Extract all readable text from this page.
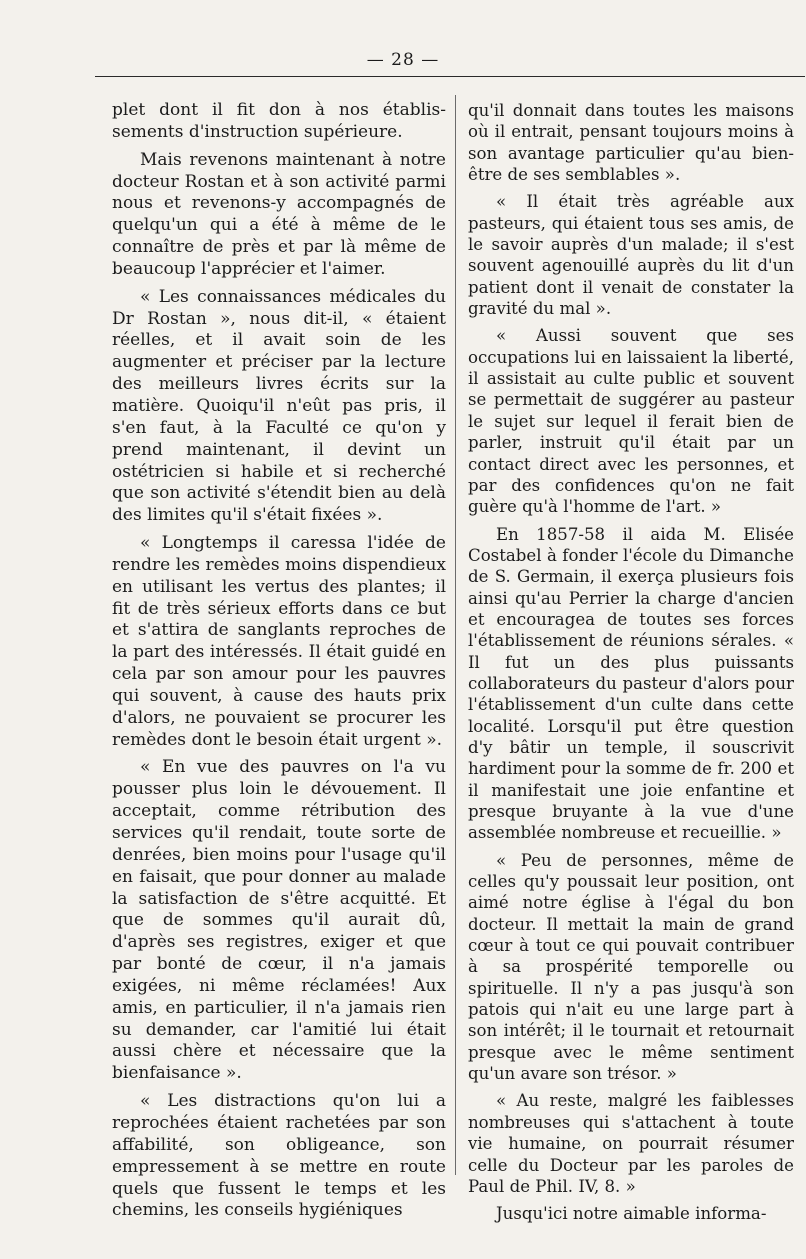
— 28 —

plet dont il fit don à nos établis-sements d'instruction supérieure.

Mais revenons maintenant à notre docteur Rostan et à son activité parmi nous et revenons-y accompagnés de quelqu'un qui a été à même de le connaître de près et par là même de beaucoup l'apprécier et l'aimer.

« Les connaissances médicales du Dr Rostan », nous dit-il, « étaient réelles, et il avait soin de les augmenter et préciser par la lecture des meilleurs livres écrits sur la matière. Quoiqu'il n'eût pas pris, il s'en faut, à la Faculté ce qu'on y prend maintenant, il devint un ostétricien si habile et si recherché que son activité s'étendit bien au delà des limites qu'il s'était fixées ».

« Longtemps il caressa l'idée de rendre les remèdes moins dispendieux en utilisant les vertus des plantes; il fit de très sérieux efforts dans ce but et s'attira de sanglants reproches de la part des intéressés. Il était guidé en cela par son amour pour les pauvres qui souvent, à cause des hauts prix d'alors, ne pouvaient se procurer les remèdes dont le besoin était urgent ».

« En vue des pauvres on l'a vu pousser plus loin le dévouement. Il acceptait, comme rétribution des services qu'il rendait, toute sorte de denrées, bien moins pour l'usage qu'il en faisait, que pour donner au malade la satisfaction de s'être acquitté. Et que de sommes qu'il aurait dû, d'après ses registres, exiger et que par bonté de cœur, il n'a jamais exigées, ni même réclamées! Aux amis, en particulier, il n'a jamais rien su demander, car l'amitié lui était aussi chère et nécessaire que la bienfaisance ».

« Les distractions qu'on lui a reprochées étaient rachetées par son affabilité, son obligeance, son empressement à se mettre en route quels que fussent le temps et les chemins, les conseils hygiéniques

qu'il donnait dans toutes les maisons où il entrait, pensant toujours moins à son avantage particulier qu'au bien-être de ses semblables ».

« Il était très agréable aux pasteurs, qui étaient tous ses amis, de le savoir auprès d'un malade; il s'est souvent agenouillé auprès du lit d'un patient dont il venait de constater la gravité du mal ».

« Aussi souvent que ses occupations lui en laissaient la liberté, il assistait au culte public et souvent se permettait de suggérer au pasteur le sujet sur lequel il ferait bien de parler, instruit qu'il était par un contact direct avec les personnes, et par des confidences qu'on ne fait guère qu'à l'homme de l'art. »

En 1857-58 il aida M. Elisée Costabel à fonder l'école du Dimanche de S. Germain, il exerça plusieurs fois ainsi qu'au Perrier la charge d'ancien et encouragea de toutes ses forces l'établissement de réunions sérales. « Il fut un des plus puissants collaborateurs du pasteur d'alors pour l'établissement d'un culte dans cette localité. Lorsqu'il put être question d'y bâtir un temple, il souscrivit hardiment pour la somme de fr. 200 et il manifestait une joie enfantine et presque bruyante à la vue d'une assemblée nombreuse et recueillie. »

« Peu de personnes, même de celles qu'y poussait leur position, ont aimé notre église à l'égal du bon docteur. Il mettait la main de grand cœur à tout ce qui pouvait contribuer à sa prospérité temporelle ou spirituelle. Il n'y a pas jusqu'à son patois qui n'ait eu une large part à son intérêt; il le tournait et retournait presque avec le même sentiment qu'un avare son trésor. »

« Au reste, malgré les faiblesses nombreuses qui s'attachent à toute vie humaine, on pourrait résumer celle du Docteur par les paroles de Paul de Phil. IV, 8. »

Jusqu'ici notre aimable informa-
